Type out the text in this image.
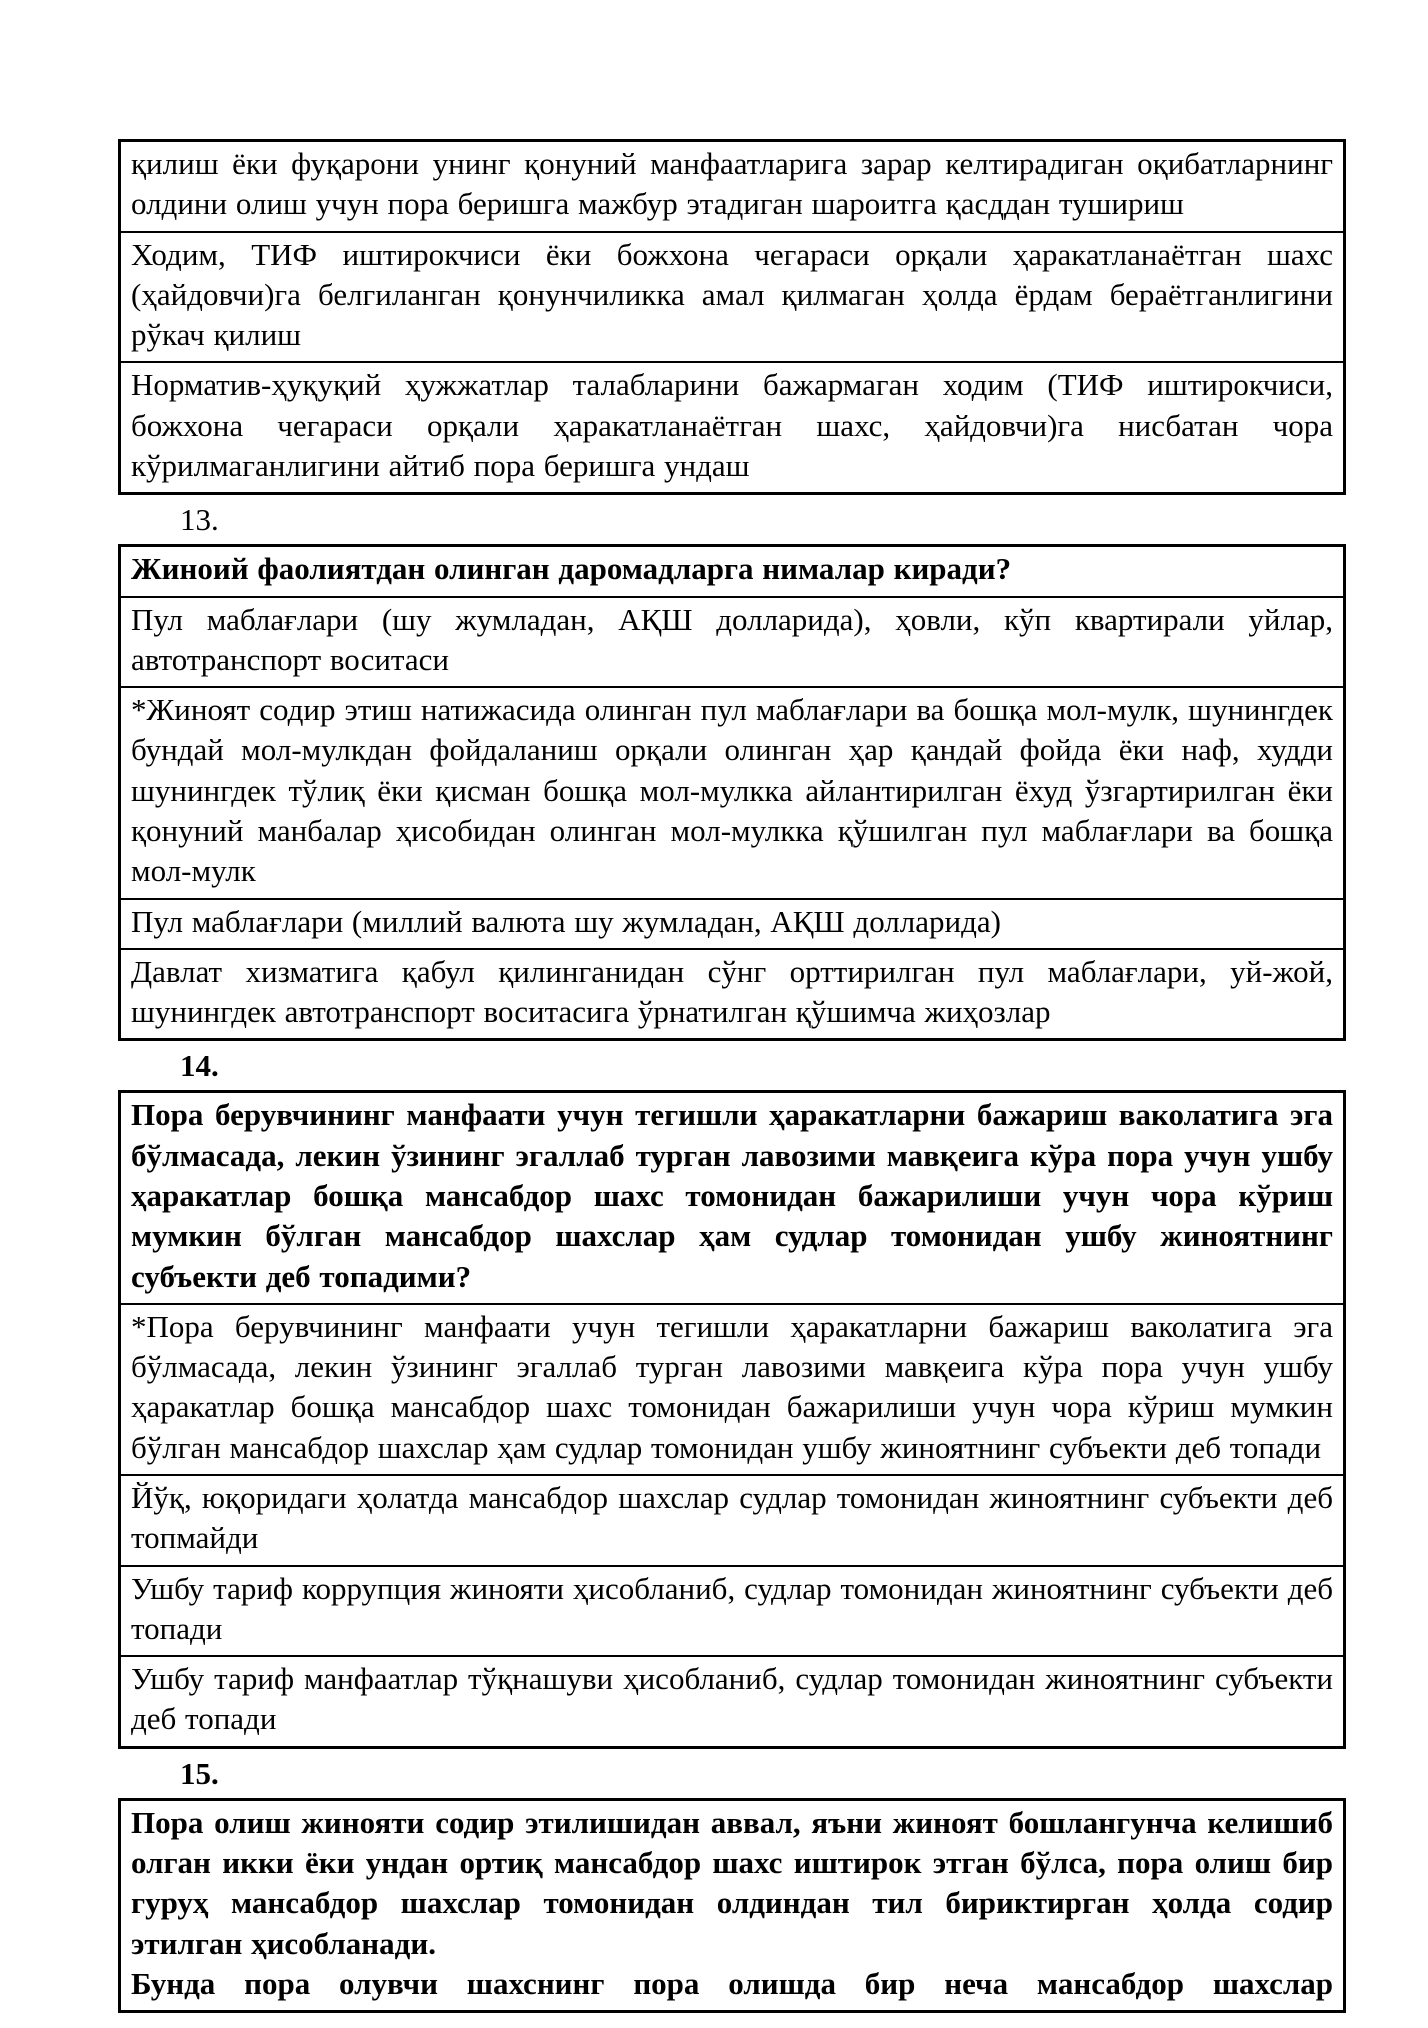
қилиш ёки фуқарони унинг қонуний манфаатларига зарар келтирадиган оқибатларнинг олдини олиш учун пора беришга мажбур этадиган шароитга қасддан тушириш
Ходим, ТИФ иштирокчиси ёки божхона чегараси орқали ҳаракатланаётган шахс (ҳайдовчи)га белгиланган қонунчиликка амал қилмаган ҳолда ёрдам бераётганлигини рўкач қилиш
Норматив-ҳуқуқий ҳужжатлар талабларини бажармаган ходим (ТИФ иштирокчиси, божхона чегараси орқали ҳаракатланаётган шахс, ҳайдовчи)га нисбатан чора кўрилмаганлигини айтиб пора беришга ундаш

13.

Жиноий фаолиятдан олинган даромадларга нималар киради?
Пул маблағлари (шу жумладан, АҚШ долларида), ҳовли, кўп квартирали уйлар, автотранспорт воситаси
*Жиноят содир этиш натижасида олинган пул маблағлари ва бошқа мол-мулк, шунингдек бундай мол-мулкдан фойдаланиш орқали олинган ҳар қандай фойда ёки наф, худди шунингдек тўлиқ ёки қисман бошқа мол-мулкка айлантирилган ёхуд ўзгартирилган ёки қонуний манбалар ҳисобидан олинган мол-мулкка қўшилган пул маблағлари ва бошқа мол-мулк
Пул маблағлари (миллий валюта шу жумладан, АҚШ долларида)
Давлат хизматига қабул қилинганидан сўнг орттирилган пул маблағлари, уй-жой, шунингдек автотранспорт воситасига ўрнатилган қўшимча жиҳозлар

14.

Пора берувчининг манфаати учун тегишли ҳаракатларни бажариш ваколатига эга бўлмасада, лекин ўзининг эгаллаб турган лавозими мавқеига кўра пора учун ушбу ҳаракатлар бошқа мансабдор шахс томонидан бажарилиши учун чора кўриш мумкин бўлган мансабдор шахслар ҳам судлар томонидан ушбу жиноятнинг субъекти деб топадими?
*Пора берувчининг манфаати учун тегишли ҳаракатларни бажариш ваколатига эга бўлмасада, лекин ўзининг эгаллаб турган лавозими мавқеига кўра пора учун ушбу ҳаракатлар бошқа мансабдор шахс томонидан бажарилиши учун чора кўриш мумкин бўлган мансабдор шахслар ҳам судлар томонидан ушбу жиноятнинг субъекти деб топади
Йўқ, юқоридаги ҳолатда мансабдор шахслар судлар томонидан жиноятнинг субъекти деб топмайди
Ушбу тариф коррупция жинояти ҳисобланиб, судлар томонидан жиноятнинг субъекти деб топади
Ушбу тариф манфаатлар тўқнашуви ҳисобланиб, судлар томонидан жиноятнинг субъекти деб топади

15.

Пора олиш жинояти содир этилишидан аввал, яъни жиноят бошлангунча келишиб олган икки ёки ундан ортиқ мансабдор шахс иштирок этган бўлса, пора олиш бир гуруҳ мансабдор шахслар томонидан олдиндан тил бириктирган ҳолда содир этилган ҳисобланади.

Бунда пора олувчи шахснинг пора олишда бир неча мансабдор шахслар
